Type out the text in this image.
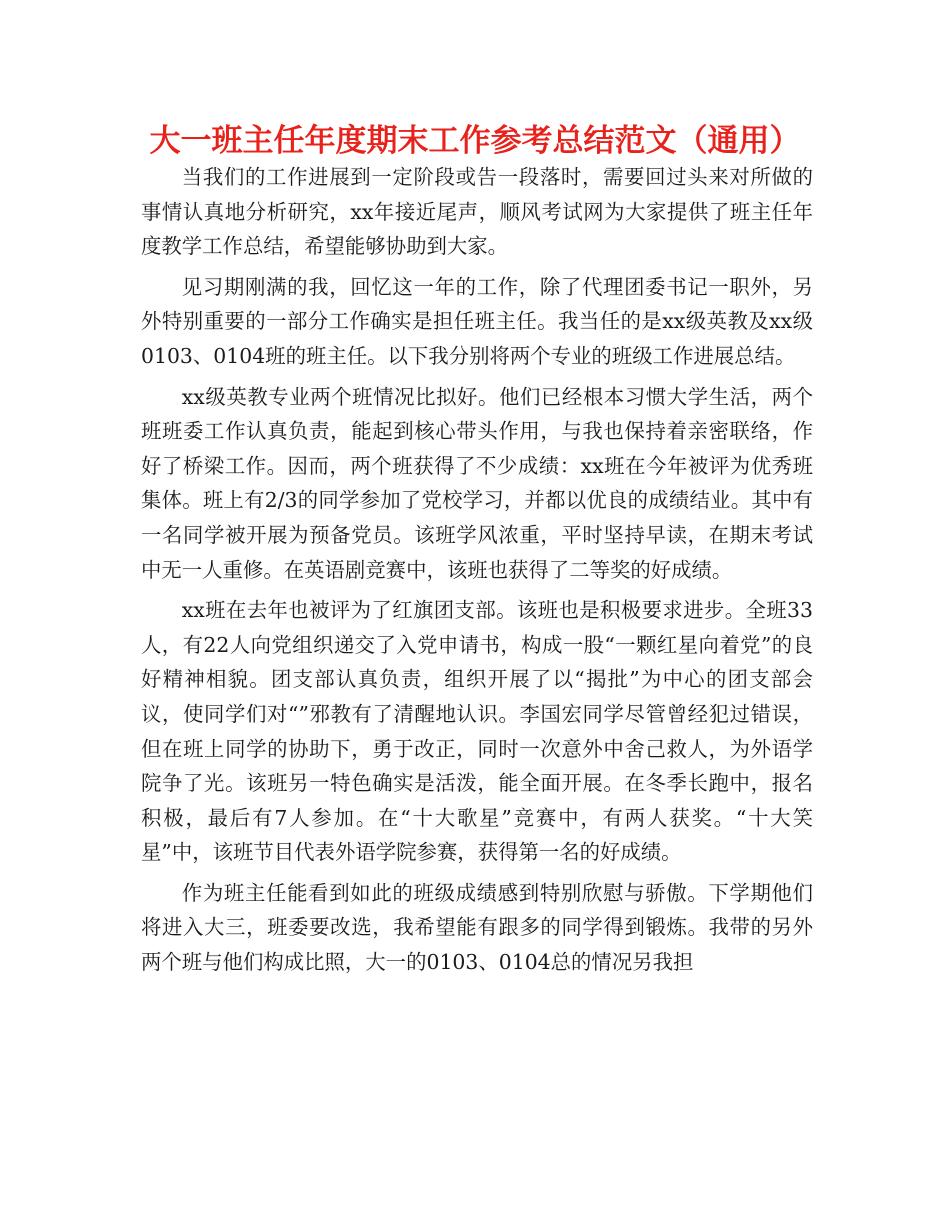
大一班主任年度期末工作参考总结范文（通用）

当我们的工作进展到一定阶段或告一段落时，需要回过头来对所做的事情认真地分析研究，xx年接近尾声，顺风考试网为大家提供了班主任年度教学工作总结，希望能够协助到大家。

见习期刚满的我，回忆这一年的工作，除了代理团委书记一职外，另外特别重要的一部分工作确实是担任班主任。我当任的是xx级英教及xx级0103、0104班的班主任。以下我分别将两个专业的班级工作进展总结。

xx级英教专业两个班情况比拟好。他们已经根本习惯大学生活，两个班班委工作认真负责，能起到核心带头作用，与我也保持着亲密联络，作好了桥梁工作。因而，两个班获得了不少成绩：xx班在今年被评为优秀班集体。班上有2/3的同学参加了党校学习，并都以优良的成绩结业。其中有一名同学被开展为预备党员。该班学风浓重，平时坚持早读，在期末考试中无一人重修。在英语剧竞赛中，该班也获得了二等奖的好成绩。

xx班在去年也被评为了红旗团支部。该班也是积极要求进步。全班33人，有22人向党组织递交了入党申请书，构成一股“一颗红星向着党”的良好精神相貌。团支部认真负责，组织开展了以“揭批”为中心的团支部会议，使同学们对“”邪教有了清醒地认识。李国宏同学尽管曾经犯过错误，但在班上同学的协助下，勇于改正，同时一次意外中舍己救人，为外语学院争了光。该班另一特色确实是活泼，能全面开展。在冬季长跑中，报名积极，最后有7人参加。在“十大歌星”竞赛中，有两人获奖。“十大笑星”中，该班节目代表外语学院参赛，获得第一名的好成绩。

作为班主任能看到如此的班级成绩感到特别欣慰与骄傲。下学期他们将进入大三，班委要改选，我希望能有跟多的同学得到锻炼。我带的另外两个班与他们构成比照，大一的0103、0104总的情况另我担
